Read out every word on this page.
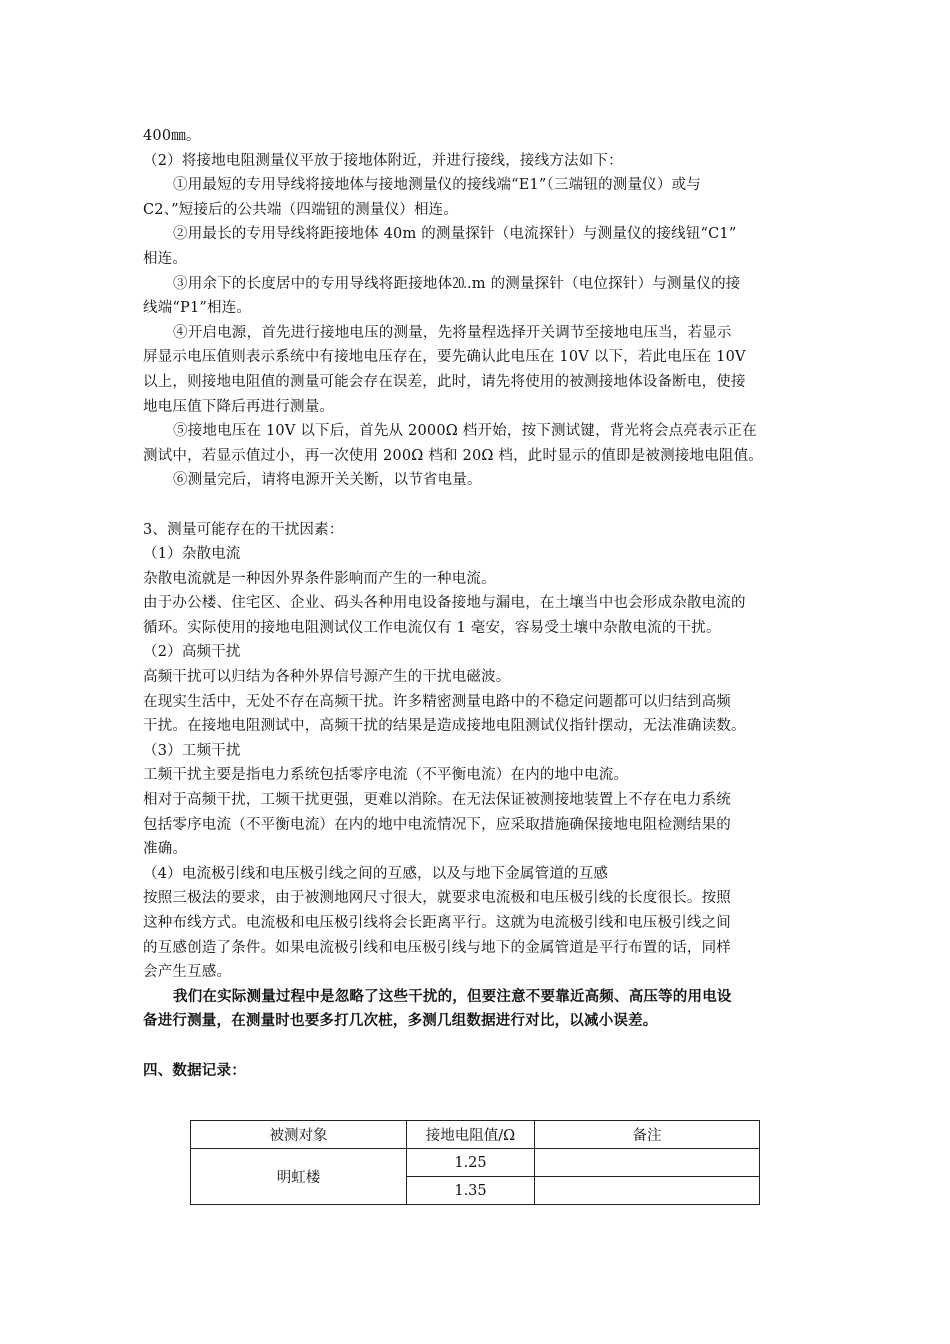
400㎜。
（2）将接地电阻测量仪平放于接地体附近，并进行接线，接线方法如下：
①用最短的专用导线将接地体与接地测量仪的接线端“E1”（三端钮的测量仪）或与
C2、”短接后的公共端（四端钮的测量仪）相连。
②用最长的专用导线将距接地体 40m 的测量探针（电流探针）与测量仪的接线钮“C1”
相连。
③用余下的长度居中的专用导线将距接地体⒛.m 的测量探针（电位探针）与测量仪的接
线端“P1”相连。
④开启电源，首先进行接地电压的测量，先将量程选择开关调节至接地电压当，若显示
屏显示电压值则表示系统中有接地电压存在，要先确认此电压在 10V 以下，若此电压在 10V
以上，则接地电阻值的测量可能会存在误差，此时，请先将使用的被测接地体设备断电，使接
地电压值下降后再进行测量。
⑤接地电压在 10V 以下后，首先从 2000Ω 档开始，按下测试键，背光将会点亮表示正在
测试中，若显示值过小，再一次使用 200Ω 档和 20Ω 档，此时显示的值即是被测接地电阻值。
⑥测量完后，请将电源开关关断，以节省电量。
3、测量可能存在的干扰因素：
（1）杂散电流
杂散电流就是一种因外界条件影响而产生的一种电流。
由于办公楼、住宅区、企业、码头各种用电设备接地与漏电，在土壤当中也会形成杂散电流的
循环。实际使用的接地电阻测试仪工作电流仅有 1 毫安，容易受土壤中杂散电流的干扰。
（2）高频干扰
高频干扰可以归结为各种外界信号源产生的干扰电磁波。
在现实生活中，无处不存在高频干扰。许多精密测量电路中的不稳定问题都可以归结到高频
干扰。在接地电阻测试中，高频干扰的结果是造成接地电阻测试仪指针摆动，无法准确读数。
（3）工频干扰
工频干扰主要是指电力系统包括零序电流（不平衡电流）在内的地中电流。
相对于高频干扰，工频干扰更强，更难以消除。在无法保证被测接地装置上不存在电力系统
包括零序电流（不平衡电流）在内的地中电流情况下，应采取措施确保接地电阻检测结果的
准确。
（4）电流极引线和电压极引线之间的互感，以及与地下金属管道的互感
按照三极法的要求，由于被测地网尺寸很大，就要求电流极和电压极引线的长度很长。按照
这种布线方式。电流极和电压极引线将会长距离平行。这就为电流极引线和电压极引线之间
的互感创造了条件。如果电流极引线和电压极引线与地下的金属管道是平行布置的话，同样
会产生互感。
我们在实际测量过程中是忽略了这些干扰的，但要注意不要靠近高频、高压等的用电设
备进行测量，在测量时也要多打几次桩，多测几组数据进行对比，以减小误差。
四、数据记录：
被测对象	接地电阻值/Ω	备注
明虹楼	1.25	
	1.35	
